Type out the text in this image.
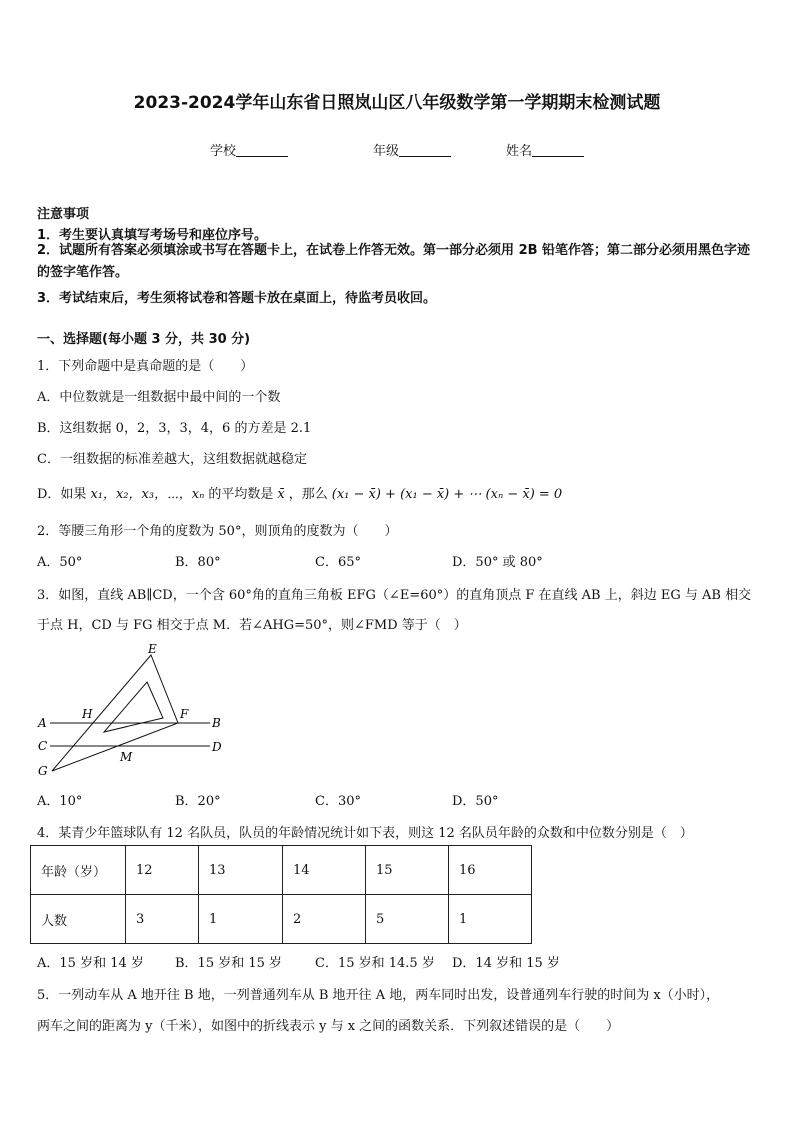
2023-2024学年山东省日照岚山区八年级数学第一学期期末检测试题
学校	年级	姓名
注意事项
1．考生要认真填写考场号和座位序号。
2．试题所有答案必须填涂或书写在答题卡上，在试卷上作答无效。第一部分必须用 2B 铅笔作答；第二部分必须用黑色字迹的签字笔作答。
3．考试结束后，考生须将试卷和答题卡放在桌面上，待监考员收回。
一、选择题(每小题 3 分，共 30 分)
1．下列命题中是真命题的是（　　）
A．中位数就是一组数据中最中间的一个数
B．这组数据 0，2，3，3，4，6 的方差是 2.1
C．一组数据的标准差越大，这组数据就越稳定
D．如果 x₁，x₂，x₃，⋯，xₙ 的平均数是 x̄ ，那么 (x₁ − x̄) + (x₁ − x̄) + ⋯ (xₙ − x̄) = 0
2．等腰三角形一个角的度数为 50°，则顶角的度数为（　　）
A．50°	B．80°	C．65°	D．50° 或 80°
3．如图，直线 AB∥CD，一个含 60°角的直角三角板 EFG（∠E=60°）的直角顶点 F 在直线 AB 上，斜边 EG 与 AB 相交
于点 H，CD 与 FG 相交于点 M．若∠AHG=50°，则∠FMD 等于（　）
E
H	F
A	B
C	D
G
M
A．10°	B．20°	C．30°	D．50°
4．某青少年篮球队有 12 名队员，队员的年龄情况统计如下表，则这 12 名队员年龄的众数和中位数分别是（　）
年龄（岁）	12	13	14	15	16
人数	3	1	2	5	1
A．15 岁和 14 岁 B．15 岁和 15 岁	C．15 岁和 14.5 岁 D．14 岁和 15 岁
5．一列动车从 A 地开往 B 地，一列普通列车从 B 地开往 A 地，两车同时出发，设普通列车行驶的时间为 x（小时），
两车之间的距离为 y（千米），如图中的折线表示 y 与 x 之间的函数关系．下列叙述错误的是（　　）
